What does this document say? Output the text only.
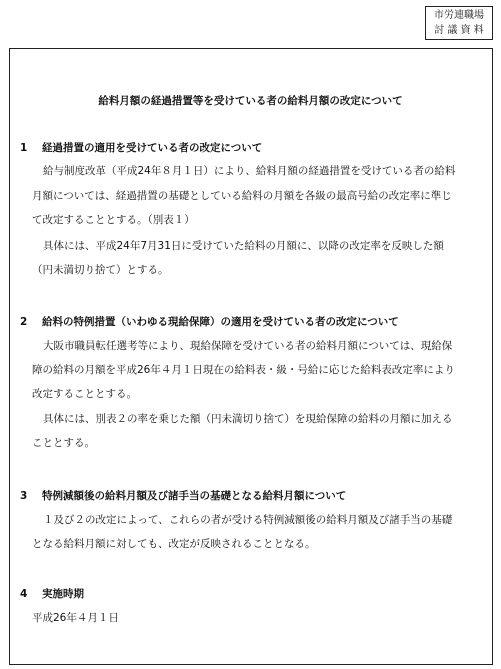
市労連職場
討 議 資 料
給料月額の経過措置等を受けている者の給料月額の改定について
1 経過措置の適用を受けている者の改定について
給与制度改革（平成24年８月１日）により、給料月額の経過措置を受けている者の給料
月額については、経過措置の基礎としている給料の月額を各級の最高号給の改定率に準じ
て改定することとする。（別表１）
具体には、平成24年7月31日に受けていた給料の月額に、以降の改定率を反映した額
（円未満切り捨て）とする。
2 給料の特例措置（いわゆる現給保障）の適用を受けている者の改定について
大阪市職員転任選考等により、現給保障を受けている者の給料月額については、現給保
障の給料の月額を平成26年４月１日現在の給料表・級・号給に応じた給料表改定率により
改定することとする。
具体には、別表２の率を乗じた額（円未満切り捨て）を現給保障の給料の月額に加える
こととする。
3 特例減額後の給料月額及び諸手当の基礎となる給料月額について
１及び２の改定によって、これらの者が受ける特例減額後の給料月額及び諸手当の基礎
となる給料月額に対しても、改定が反映されることとなる。
4 実施時期
平成26年４月１日
